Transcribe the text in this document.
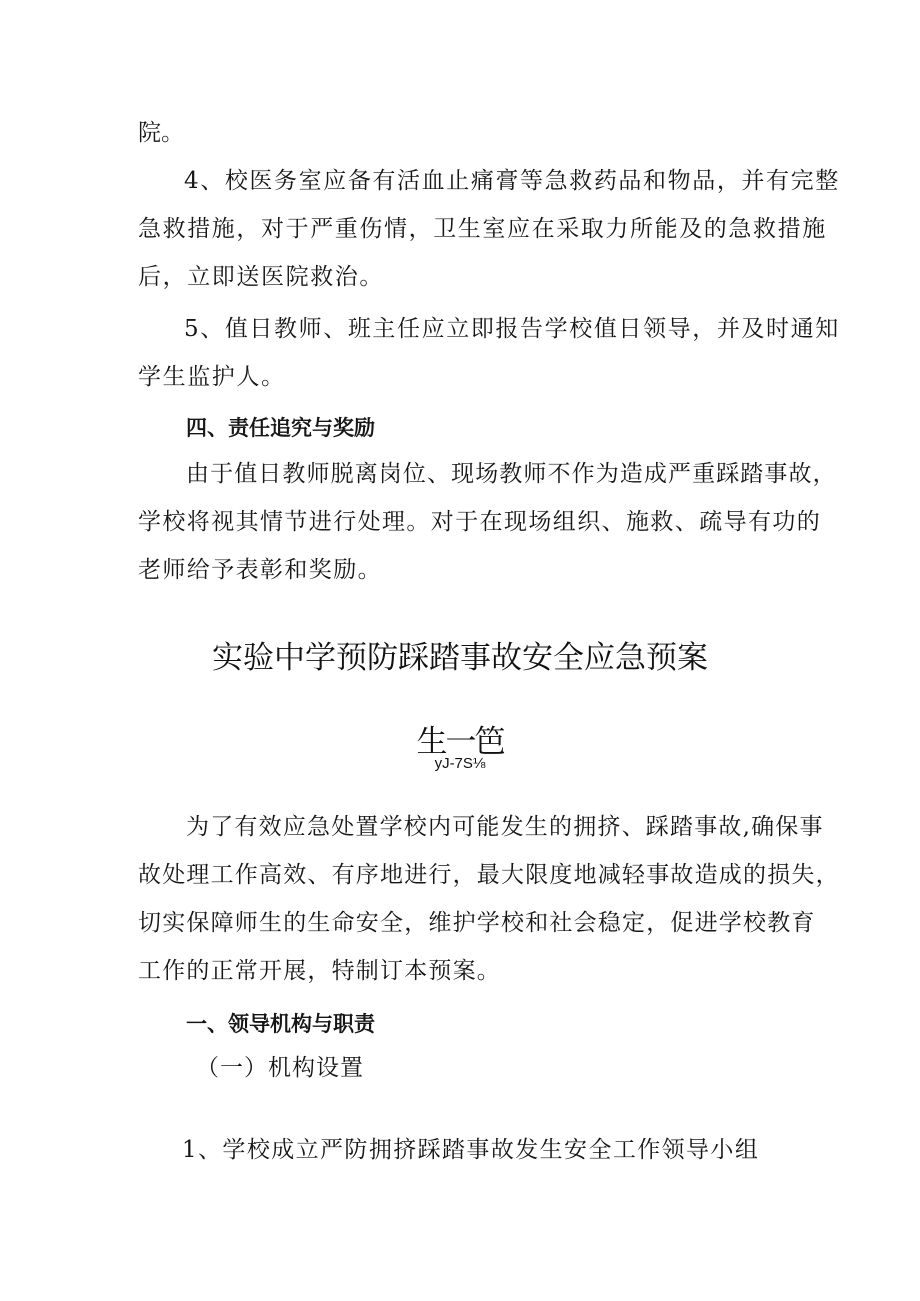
院。
4、校医务室应备有活血止痛膏等急救药品和物品，并有完整
急救措施，对于严重伤情，卫生室应在采取力所能及的急救措施
后，立即送医院救治。
5、值日教师、班主任应立即报告学校值日领导，并及时通知
学生监护人。
四、责任追究与奖励
由于值日教师脱离岗位、现场教师不作为造成严重踩踏事故，
学校将视其情节进行处理。对于在现场组织、施救、疏导有功的
老师给予表彰和奖励。
实验中学预防踩踏事故安全应急预案
生一笆
yJ-7S⅛
为了有效应急处置学校内可能发生的拥挤、踩踏事故,确保事
故处理工作高效、有序地进行，最大限度地减轻事故造成的损失，
切实保障师生的生命安全，维护学校和社会稳定，促进学校教育
工作的正常开展，特制订本预案。
一、领导机构与职责
（一）机构设置
1、学校成立严防拥挤踩踏事故发生安全工作领导小组
